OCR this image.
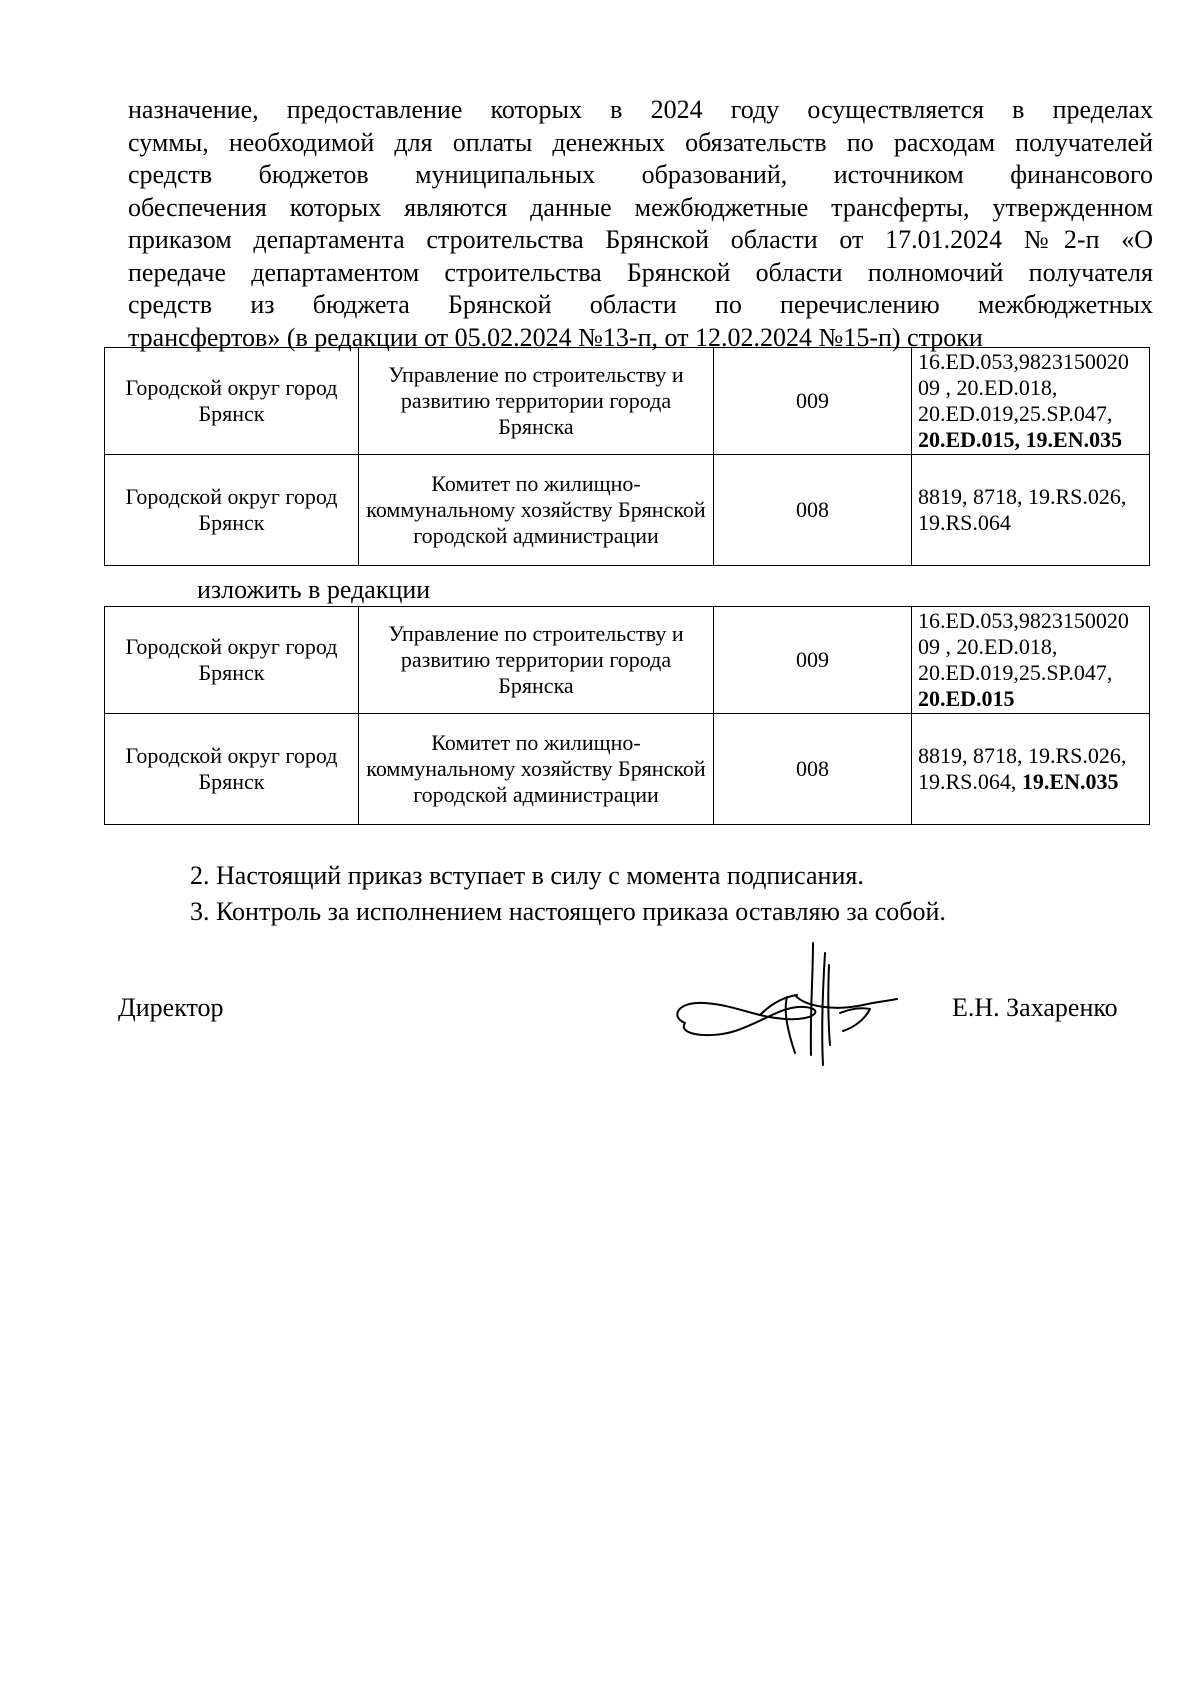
назначение, предоставление которых в 2024 году осуществляется в пределах
суммы, необходимой для оплаты денежных обязательств по расходам получателей
средств бюджетов муниципальных образований, источником финансового
обеспечения которых являются данные межбюджетные трансферты, утвержденном
приказом департамента строительства Брянской области от 17.01.2024 №2-п «О
передаче департаментом строительства Брянской области полномочий получателя
средств из бюджета Брянской области по перечислению межбюджетных
трансфертов» (в редакции от 05.02.2024 №13-п, от 12.02.2024 №15-п) строки
Городской округ город Брянск	Управление по строительству и развитию территории города Брянска	009	16.ED.053,9823150020 09 , 20.ED.018, 20.ED.019,25.SP.047, 20.ED.015, 19.EN.035
Городской округ город Брянск	Комитет по жилищно-коммунальному хозяйству Брянской городской администрации	008	8819, 8718, 19.RS.026, 19.RS.064
изложить в редакции
Городской округ город Брянск	Управление по строительству и развитию территории города Брянска	009	16.ED.053,9823150020 09 , 20.ED.018, 20.ED.019,25.SP.047, 20.ED.015
Городской округ город Брянск	Комитет по жилищно-коммунальному хозяйству Брянской городской администрации	008	8819, 8718, 19.RS.026, 19.RS.064, 19.EN.035
2. Настоящий приказ вступает в силу с момента подписания.
3. Контроль за исполнением настоящего приказа оставляю за собой.
Директор	Е.Н. Захаренко
